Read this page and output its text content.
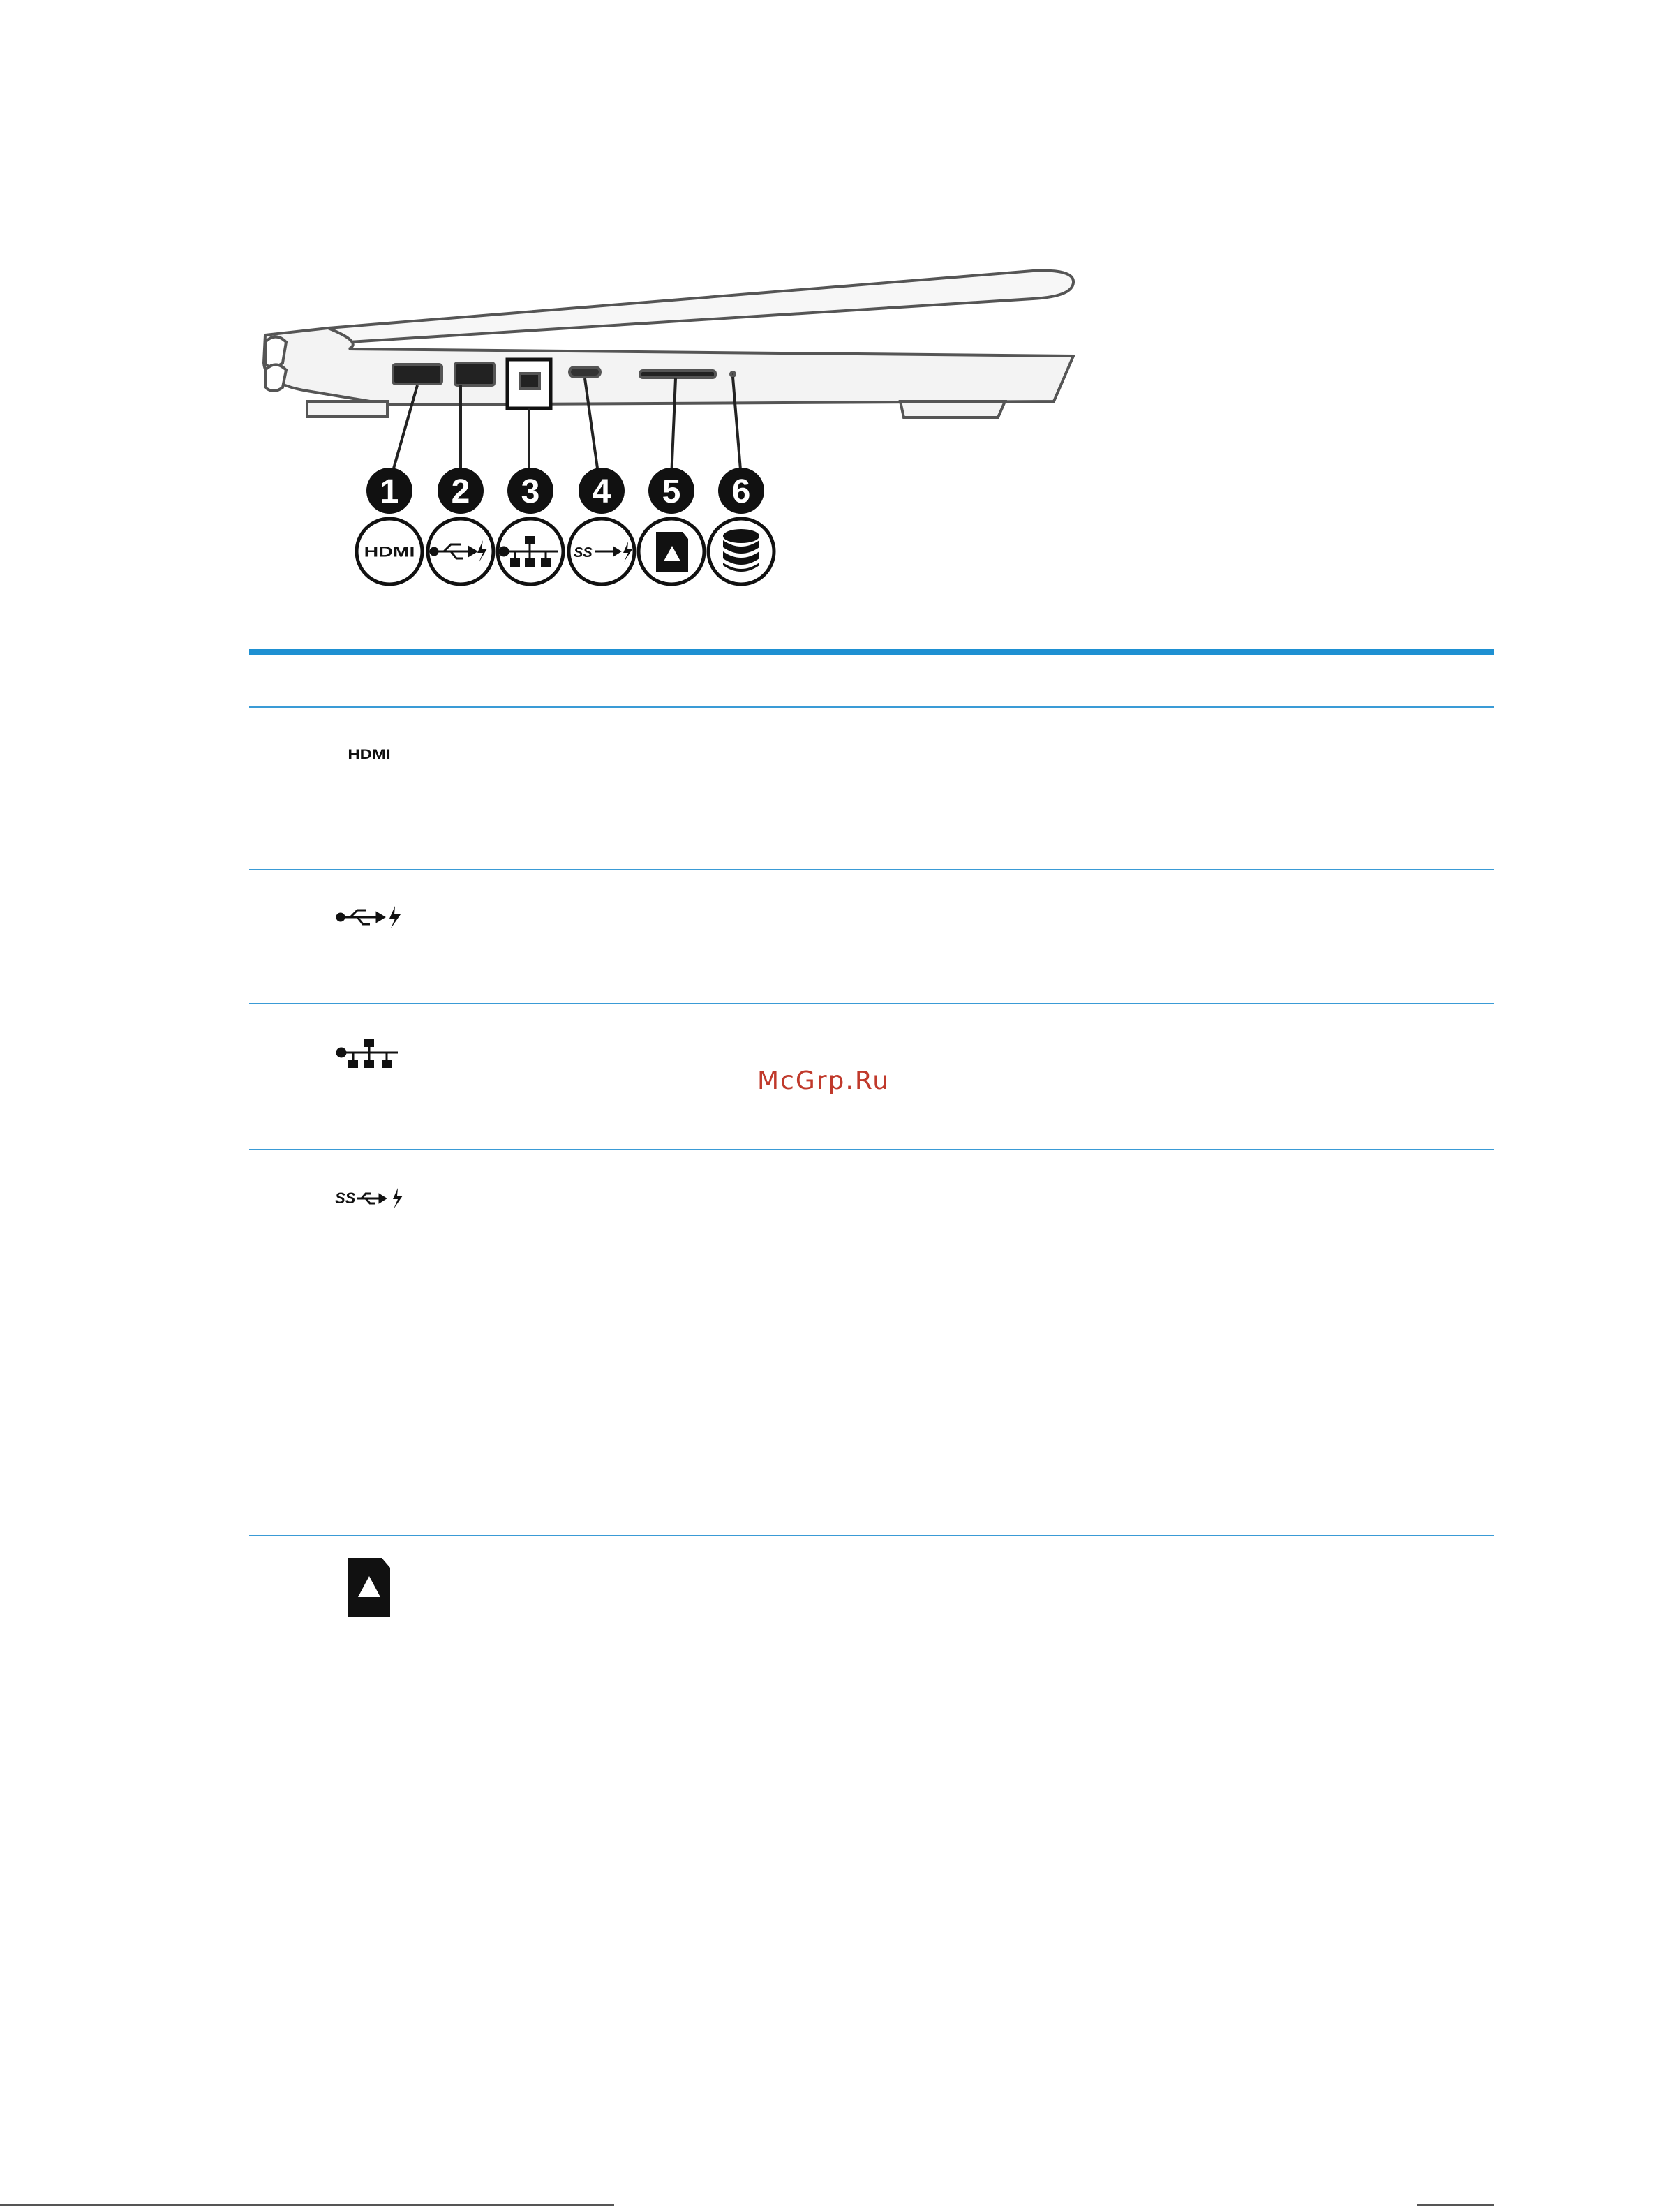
1 2 3 4 5 6
HDMI	SS
HDMI
SS
McGrp.Ru
